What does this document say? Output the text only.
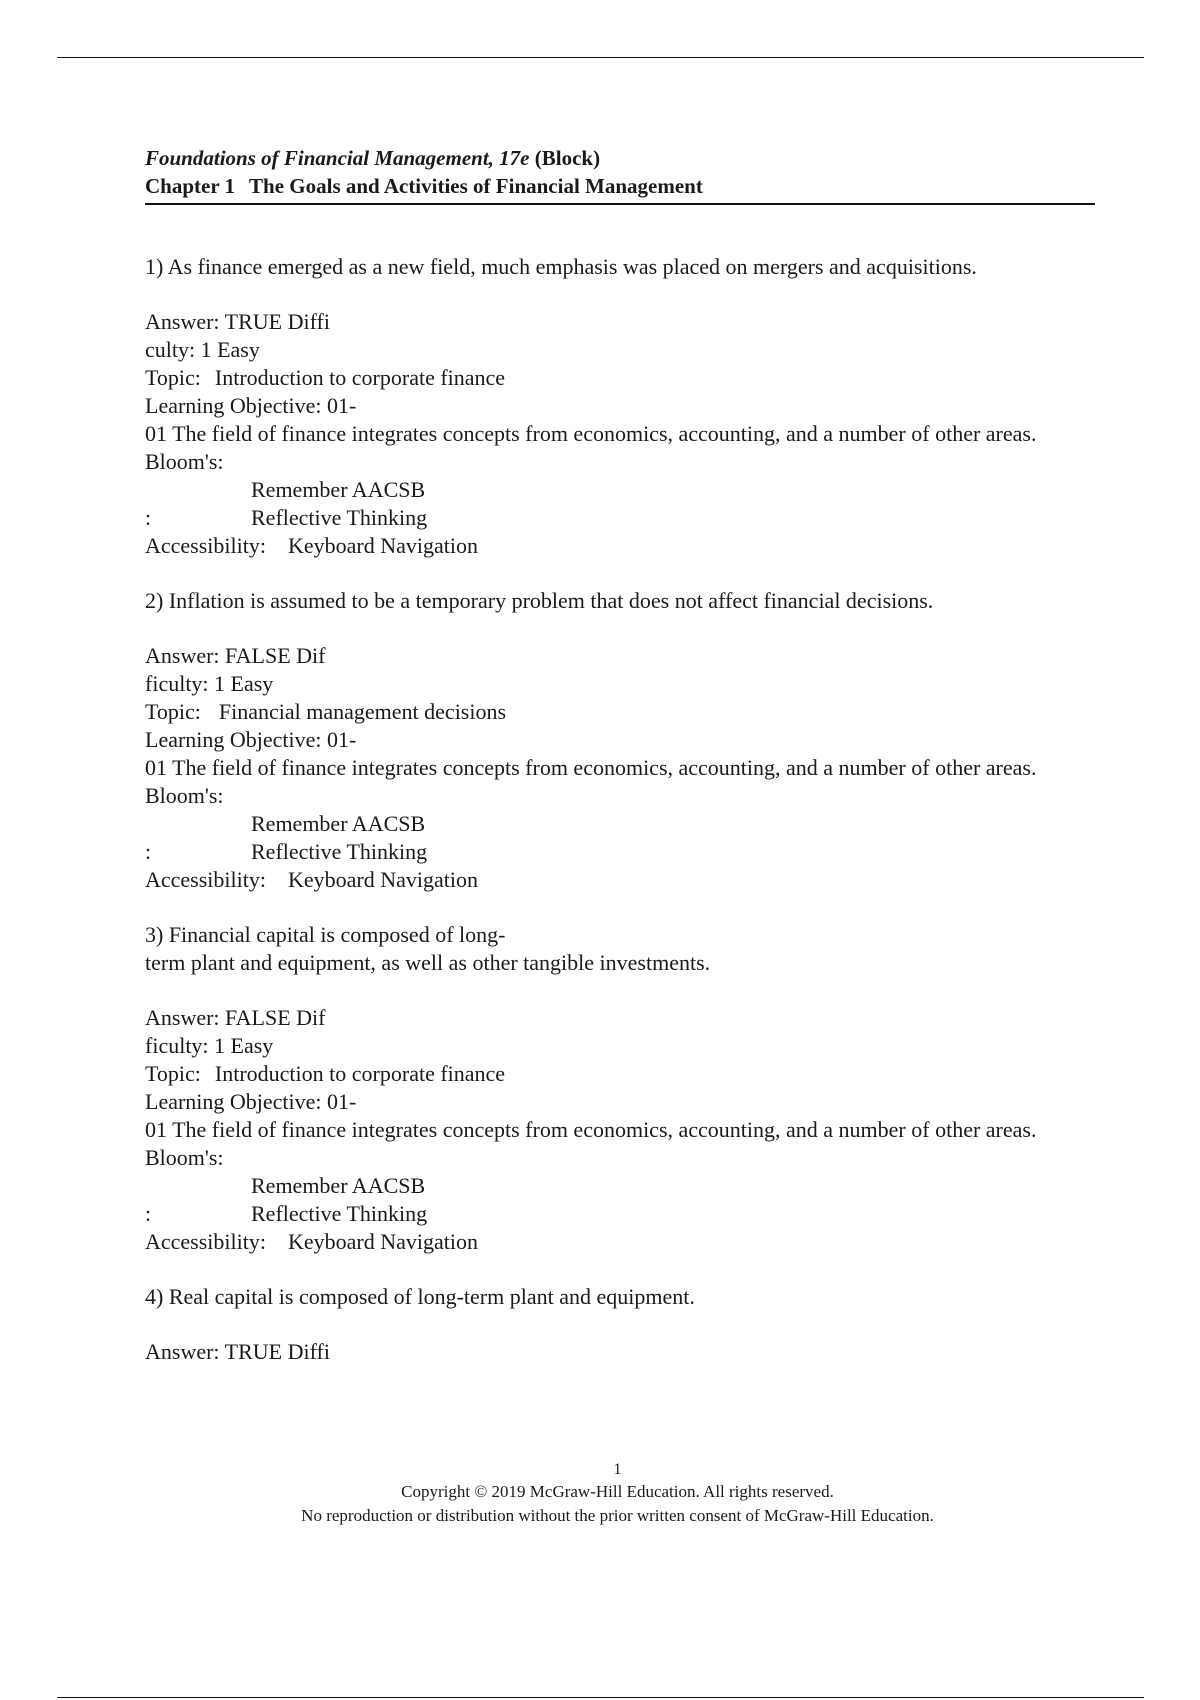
Foundations of Financial Management, 17e (Block)
Chapter 1 The Goals and Activities of Financial Management
1) As finance emerged as a new field, much emphasis was placed on mergers and acquisitions.
Answer: TRUE Diffi
culty: 1 Easy
Topic: Introduction to corporate finance
Learning Objective: 01-
01 The field of finance integrates concepts from economics, accounting, and a number of other areas.
Bloom's:
Remember AACSB
:	Reflective Thinking
Accessibility: Keyboard Navigation
2) Inflation is assumed to be a temporary problem that does not affect financial decisions.
Answer: FALSE Dif
ficulty: 1 Easy
Topic: Financial management decisions
Learning Objective: 01-
01 The field of finance integrates concepts from economics, accounting, and a number of other areas.
Bloom's:
Remember AACSB
:	Reflective Thinking
Accessibility: Keyboard Navigation
3) Financial capital is composed of long-
term plant and equipment, as well as other tangible investments.
Answer: FALSE Dif
ficulty: 1 Easy
Topic: Introduction to corporate finance
Learning Objective: 01-
01 The field of finance integrates concepts from economics, accounting, and a number of other areas.
Bloom's:
Remember AACSB
:	Reflective Thinking
Accessibility: Keyboard Navigation
4) Real capital is composed of long-term plant and equipment.
Answer: TRUE Diffi
1
Copyright © 2019 McGraw-Hill Education. All rights reserved.
No reproduction or distribution without the prior written consent of McGraw-Hill Education.
